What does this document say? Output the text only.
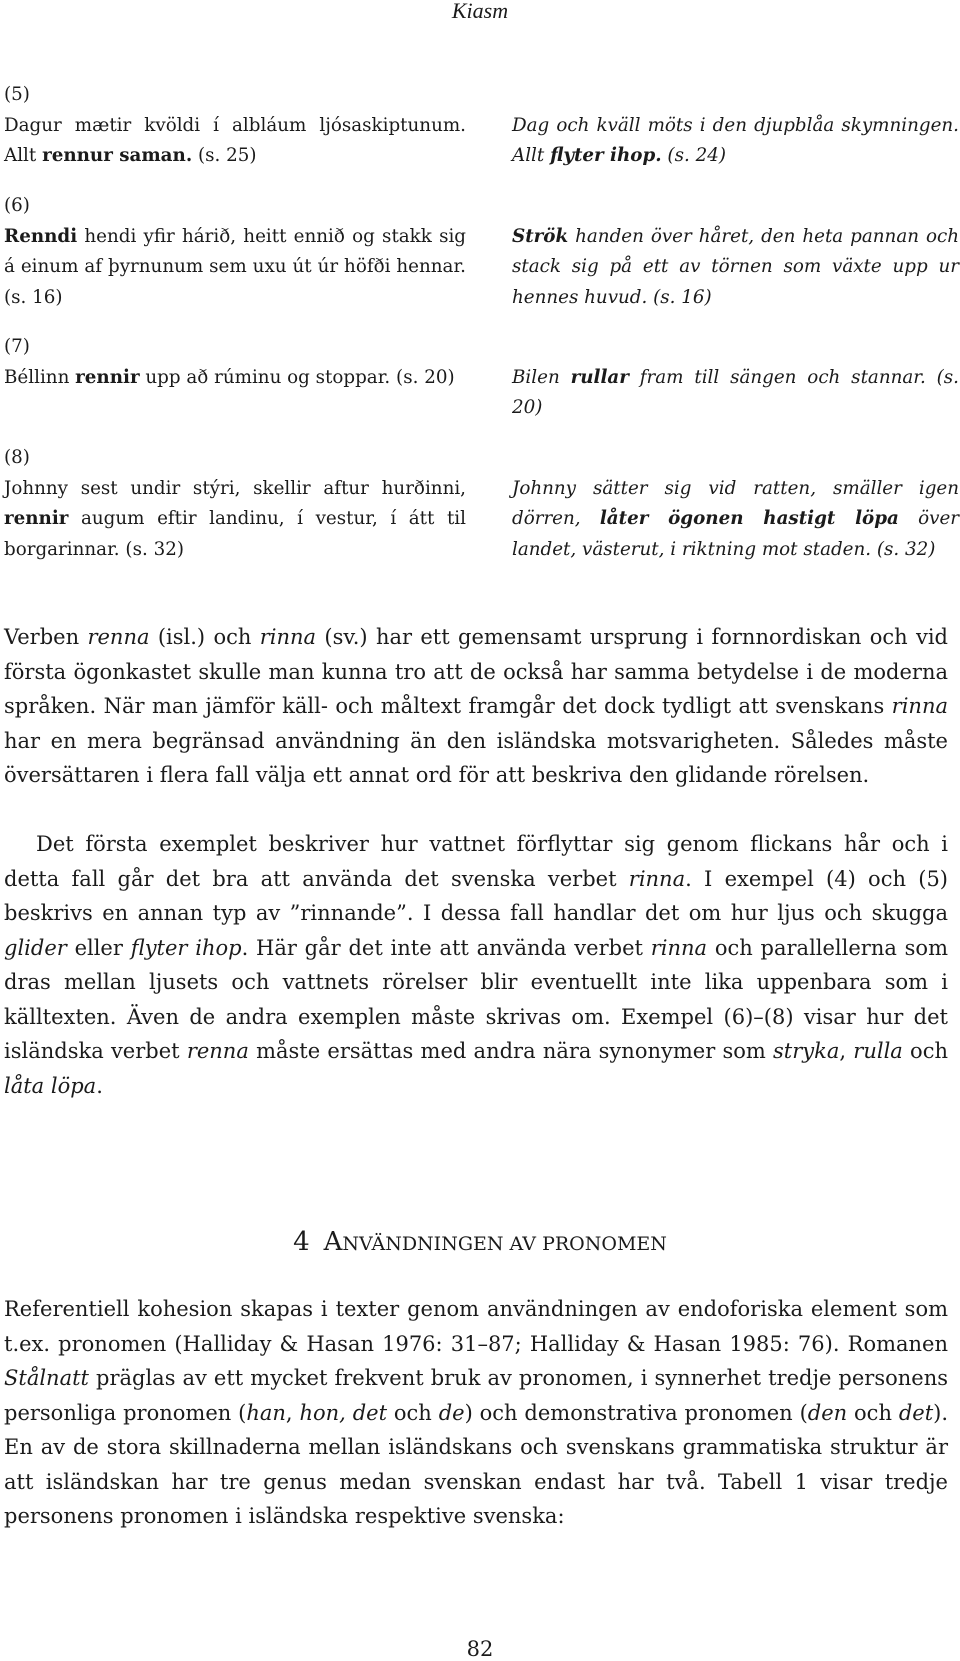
Kiasm
(5)
Dagur mætir kvöldi í albláum ljósaskiptunum. Allt rennur saman. (s. 25)
Dag och kväll möts i den djupblåa skymningen. Allt flyter ihop. (s. 24)
(6)
Renndi hendi yfir hárið, heitt ennið og stakk sig á einum af þyrnunum sem uxu út úr höfði hennar. (s. 16)
Strök handen över håret, den heta pannan och stack sig på ett av törnen som växte upp ur hennes huvud. (s. 16)
(7)
Béllinn rennir upp að rúminu og stoppar. (s. 20)	Bilen rullar fram till sängen och stannar. (s. 20)
(8)
Johnny sest undir stýri, skellir aftur hurðinni, rennir augum eftir landinu, í vestur, í átt til borgarinnar. (s. 32)
Johnny sätter sig vid ratten, smäller igen dörren, låter ögonen hastigt löpa över landet, västerut, i riktning mot staden. (s. 32)

Verben renna (isl.) och rinna (sv.) har ett gemensamt ursprung i fornnordiskan och vid första ögonkastet skulle man kunna tro att de också har samma betydelse i de moderna språken. När man jämför käll- och måltext framgår det dock tydligt att svenskans rinna har en mera begränsad användning än den isländska motsvarigheten. Således måste översättaren i flera fall välja ett annat ord för att beskriva den glidande rörelsen.

Det första exemplet beskriver hur vattnet förflyttar sig genom flickans hår och i detta fall går det bra att använda det svenska verbet rinna. I exempel (4) och (5) beskrivs en annan typ av ”rinnande”. I dessa fall handlar det om hur ljus och skugga glider eller flyter ihop. Här går det inte att använda verbet rinna och parallellerna som dras mellan ljusets och vattnets rörelser blir eventuellt inte lika uppenbara som i källtexten. Även de andra exemplen måste skrivas om. Exempel (6)–(8) visar hur det isländska verbet renna måste ersättas med andra nära synonymer som stryka, rulla och låta löpa.

4 ANVÄNDNINGEN AV PRONOMEN

Referentiell kohesion skapas i texter genom användningen av endoforiska element som t.ex. pronomen (Halliday & Hasan 1976: 31–87; Halliday & Hasan 1985: 76). Romanen Stålnatt präglas av ett mycket frekvent bruk av pronomen, i synnerhet tredje personens personliga pronomen (han, hon, det och de) och demonstrativa pronomen (den och det). En av de stora skillnaderna mellan isländskans och svenskans grammatiska struktur är att isländskan har tre genus medan svenskan endast har två. Tabell 1 visar tredje personens pronomen i isländska respektive svenska:

82
